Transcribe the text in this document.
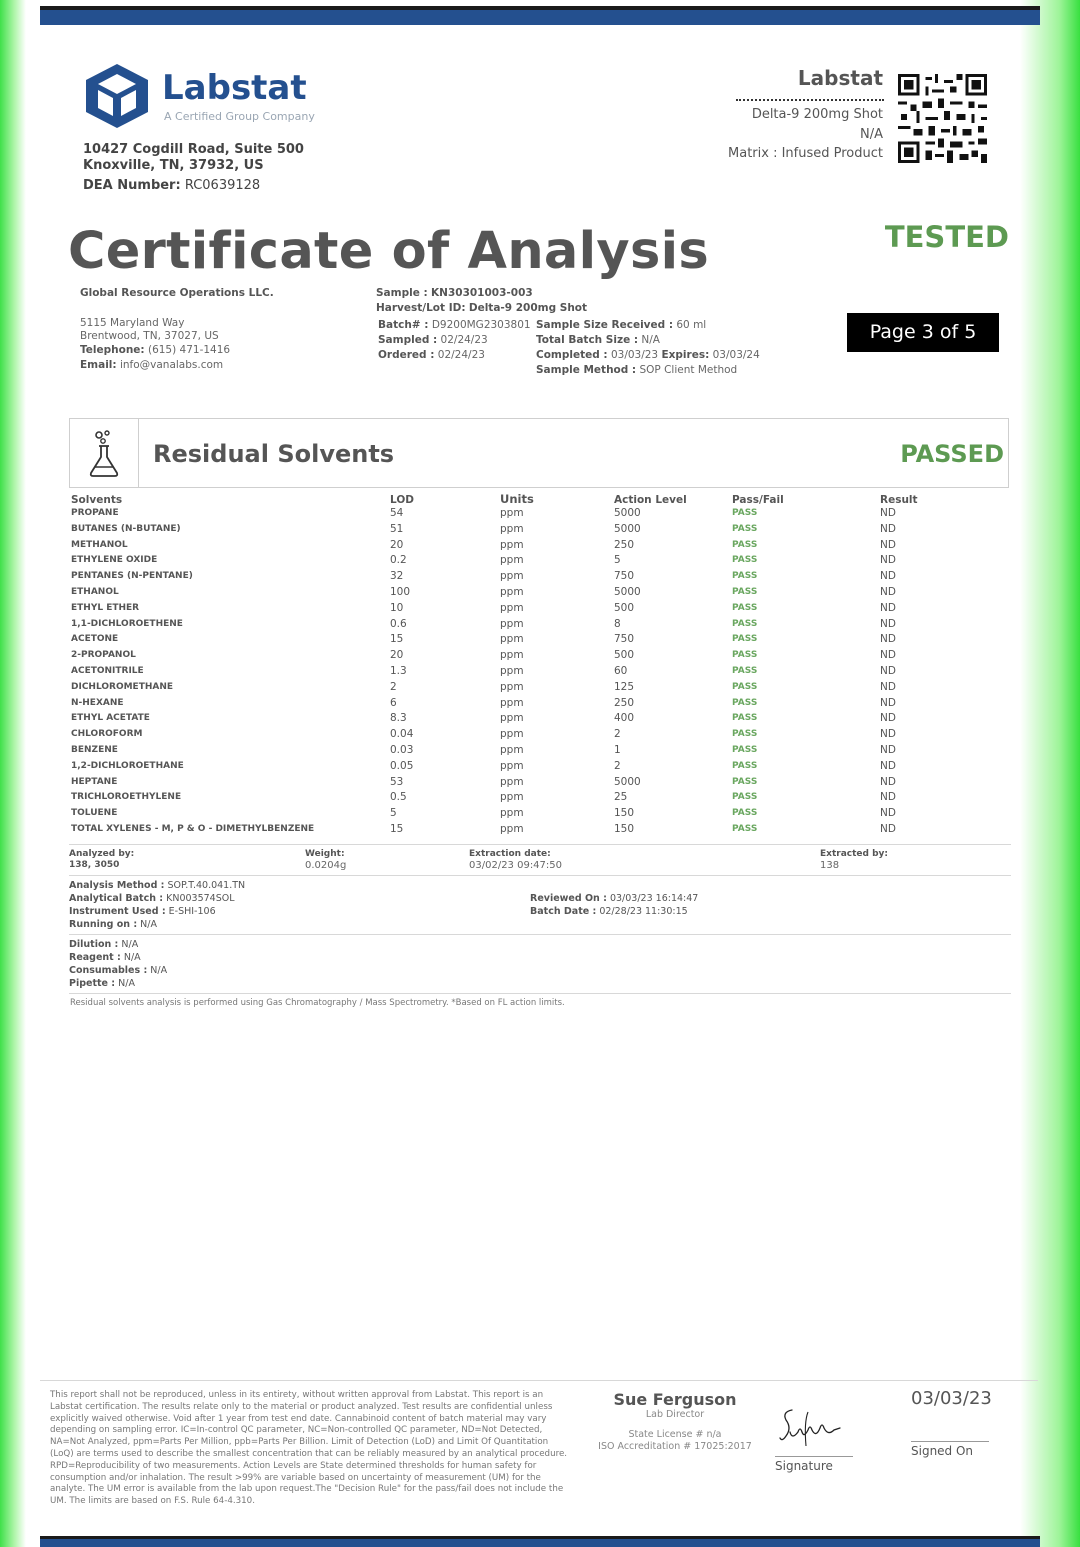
Labstat
A Certified Group Company
10427 Cogdill Road, Suite 500
Knoxville, TN, 37932, US
DEA Number: RC0639128
Labstat
Delta-9 200mg Shot
N/A
Matrix : Infused Product
Certificate of Analysis	TESTED
Global Resource Operations LLC.
5115 Maryland Way
Brentwood, TN, 37027, US
Telephone: (615) 471-1416
Email: info@vanalabs.com
Sample : KN30301003-003
Harvest/Lot ID: Delta-9 200mg Shot
Batch# : D9200MG2303801
Sampled : 02/24/23
Ordered : 02/24/23
Sample Size Received : 60 ml
Total Batch Size : N/A
Completed : 03/03/23 Expires: 03/03/24
Sample Method : SOP Client Method
Page 3 of 5
Residual Solvents	PASSED
Solvents	LOD	Units	Action Level	Pass/Fail	Result
PROPANE	54	ppm	5000	PASS	ND
BUTANES (N-BUTANE)	51	ppm	5000	PASS	ND
METHANOL	20	ppm	250	PASS	ND
ETHYLENE OXIDE	0.2	ppm	5	PASS	ND
PENTANES (N-PENTANE)	32	ppm	750	PASS	ND
ETHANOL	100	ppm	5000	PASS	ND
ETHYL ETHER	10	ppm	500	PASS	ND
1,1-DICHLOROETHENE	0.6	ppm	8	PASS	ND
ACETONE	15	ppm	750	PASS	ND
2-PROPANOL	20	ppm	500	PASS	ND
ACETONITRILE	1.3	ppm	60	PASS	ND
DICHLOROMETHANE	2	ppm	125	PASS	ND
N-HEXANE	6	ppm	250	PASS	ND
ETHYL ACETATE	8.3	ppm	400	PASS	ND
CHLOROFORM	0.04	ppm	2	PASS	ND
BENZENE	0.03	ppm	1	PASS	ND
1,2-DICHLOROETHANE	0.05	ppm	2	PASS	ND
HEPTANE	53	ppm	5000	PASS	ND
TRICHLOROETHYLENE	0.5	ppm	25	PASS	ND
TOLUENE	5	ppm	150	PASS	ND
TOTAL XYLENES - M, P & O - DIMETHYLBENZENE	15	ppm	150	PASS	ND
Analyzed by:
138, 3050
Weight:
0.0204g
Extraction date:
03/02/23 09:47:50
Extracted by:
138
Analysis Method : SOP.T.40.041.TN
Analytical Batch : KN003574SOL
Instrument Used : E-SHI-106
Running on : N/A
Reviewed On : 03/03/23 16:14:47
Batch Date : 02/28/23 11:30:15
Dilution : N/A
Reagent : N/A
Consumables : N/A
Pipette : N/A
Residual solvents analysis is performed using Gas Chromatography / Mass Spectrometry. *Based on FL action limits.
This report shall not be reproduced, unless in its entirety, without written approval from Labstat. This report is an Labstat certification. The results relate only to the material or product analyzed. Test results are confidential unless explicitly waived otherwise. Void after 1 year from test end date. Cannabinoid content of batch material may vary depending on sampling error. IC=In-control QC parameter, NC=Non-controlled QC parameter, ND=Not Detected, NA=Not Analyzed, ppm=Parts Per Million, ppb=Parts Per Billion. Limit of Detection (LoD) and Limit Of Quantitation (LoQ) are terms used to describe the smallest concentration that can be reliably measured by an analytical procedure. RPD=Reproducibility of two measurements. Action Levels are State determined thresholds for human safety for consumption and/or inhalation. The result >99% are variable based on uncertainty of measurement (UM) for the analyte. The UM error is available from the lab upon request.The "Decision Rule" for the pass/fail does not include the UM. The limits are based on F.S. Rule 64-4.310.
Sue Ferguson
Lab Director
State License # n/a
ISO Accreditation # 17025:2017
Signature
03/03/23
Signed On
